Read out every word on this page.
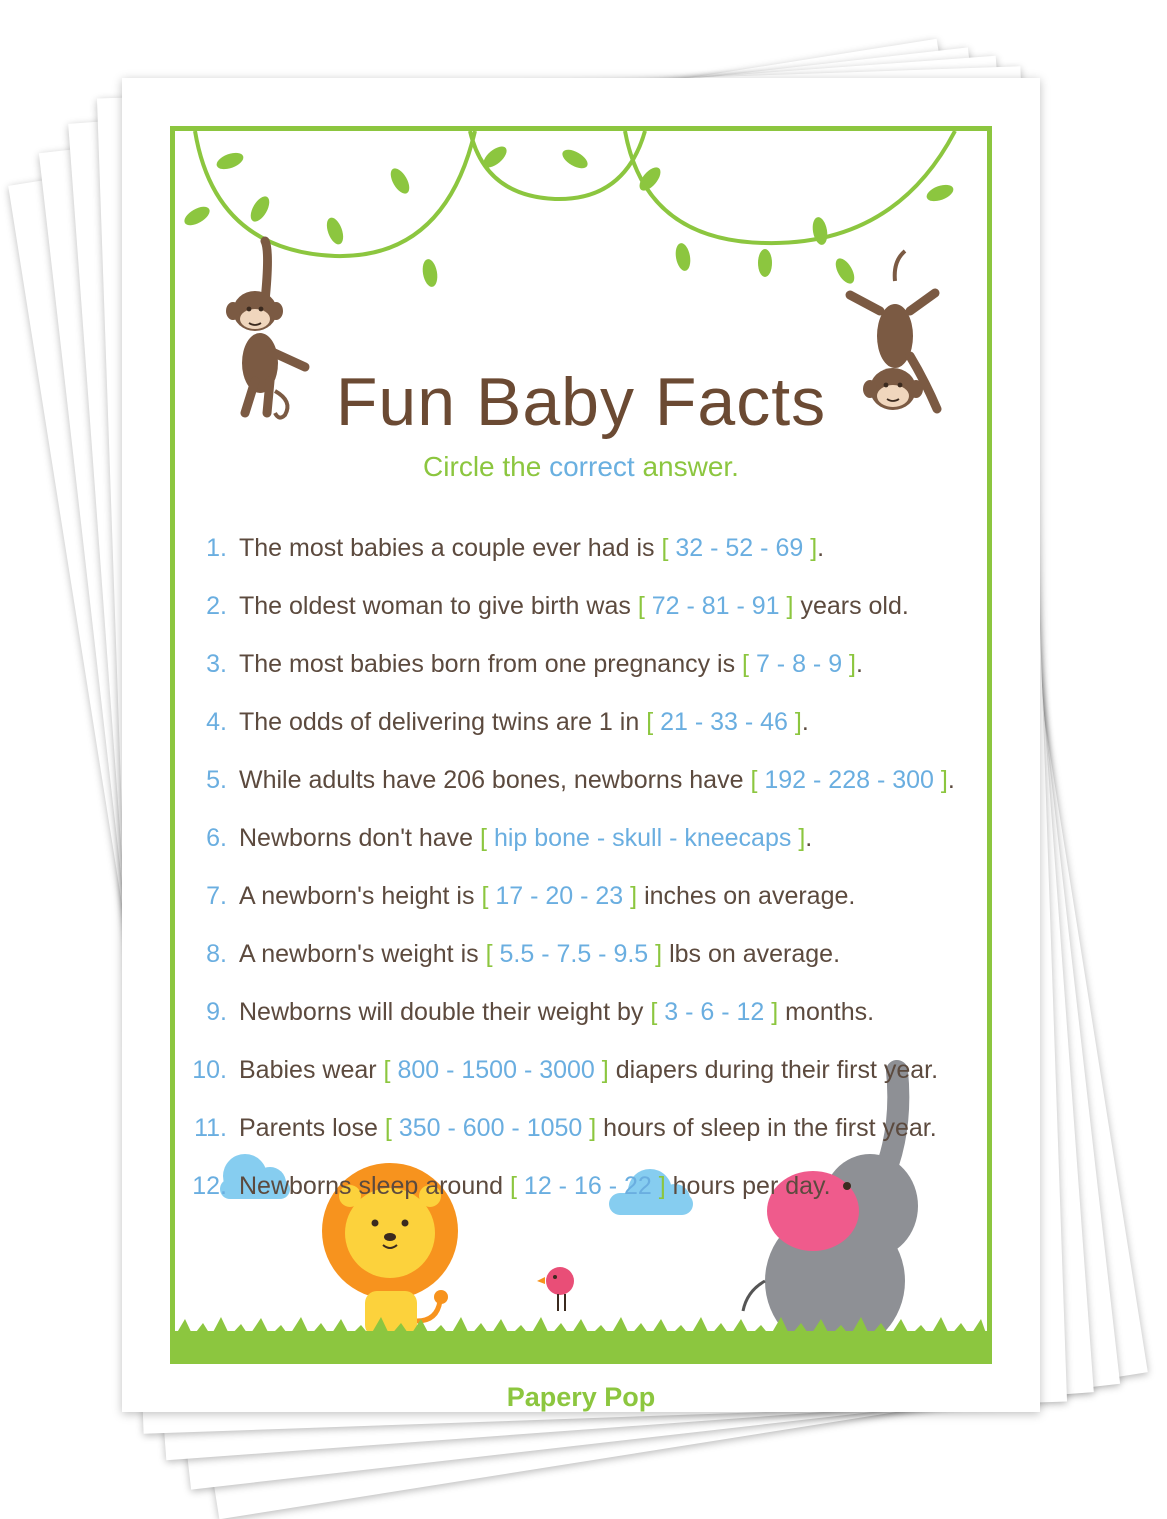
Fun Baby Facts

Circle the correct answer.

1. The most babies a couple ever had is [ 32 - 52 - 69 ].
2. The oldest woman to give birth was [ 72 - 81 - 91 ] years old.
3. The most babies born from one pregnancy is [ 7 - 8 - 9 ].
4. The odds of delivering twins are 1 in [ 21 - 33 - 46 ].
5. While adults have 206 bones, newborns have [ 192 - 228 - 300 ].
6. Newborns don't have [ hip bone - skull - kneecaps ].
7. A newborn's height is [ 17 - 20 - 23 ] inches on average.
8. A newborn's weight is [ 5.5 - 7.5 - 9.5 ] lbs on average.
9. Newborns will double their weight by [ 3 - 6 - 12 ] months.
10. Babies wear [ 800 - 1500 - 3000 ] diapers during their first year.
11. Parents lose [ 350 - 600 - 1050 ] hours of sleep in the first year.
12. Newborns sleep around [ 12 - 16 - 22 ] hours per day.
Papery Pop
